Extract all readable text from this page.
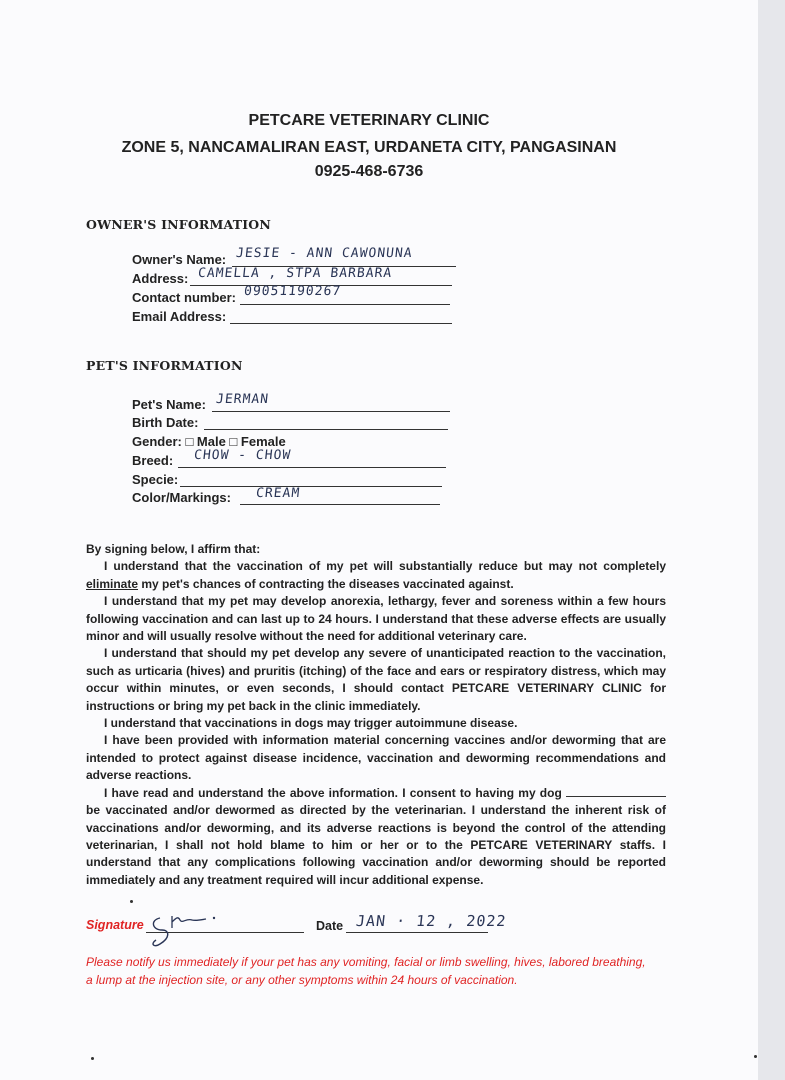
PETCARE VETERINARY CLINIC
ZONE 5, NANCAMALIRAN EAST, URDANETA CITY, PANGASINAN
0925-468-6736
OWNER'S INFORMATION
Owner's Name: JESIE - ANN CAWONUNA
Address: CAMELLA , STPA BARBARA
Contact number: 09051190267
Email Address:
PET'S INFORMATION
Pet's Name: JERMAN
Birth Date:
Gender: □ Male □ Female
Breed: CHOW - CHOW
Specie:
Color/Markings: CREAM

By signing below, I affirm that:

I understand that the vaccination of my pet will substantially reduce but may not completely eliminate my pet's chances of contracting the diseases vaccinated against.

I understand that my pet may develop anorexia, lethargy, fever and soreness within a few hours following vaccination and can last up to 24 hours. I understand that these adverse effects are usually minor and will usually resolve without the need for additional veterinary care.

I understand that should my pet develop any severe of unanticipated reaction to the vaccination, such as urticaria (hives) and pruritis (itching) of the face and ears or respiratory distress, which may occur within minutes, or even seconds, I should contact PETCARE VETERINARY CLINIC for instructions or bring my pet back in the clinic immediately.

I understand that vaccinations in dogs may trigger autoimmune disease.

I have been provided with information material concerning vaccines and/or deworming that are intended to protect against disease incidence, vaccination and deworming recommendations and adverse reactions.

I have read and understand the above information. I consent to having my dog  be vaccinated and/or dewormed as directed by the veterinarian. I understand the inherent risk of vaccinations and/or deworming, and its adverse reactions is beyond the control of the attending veterinarian, I shall not hold blame to him or her or to the PETCARE VETERINARY staffs. I understand that any complications following vaccination and/or deworming should be reported immediately and any treatment required will incur additional expense.

Signature	Date JAN · 12 , 2022
Please notify us immediately if your pet has any vomiting, facial or limb swelling, hives, labored breathing, a lump at the injection site, or any other symptoms within 24 hours of vaccination.
